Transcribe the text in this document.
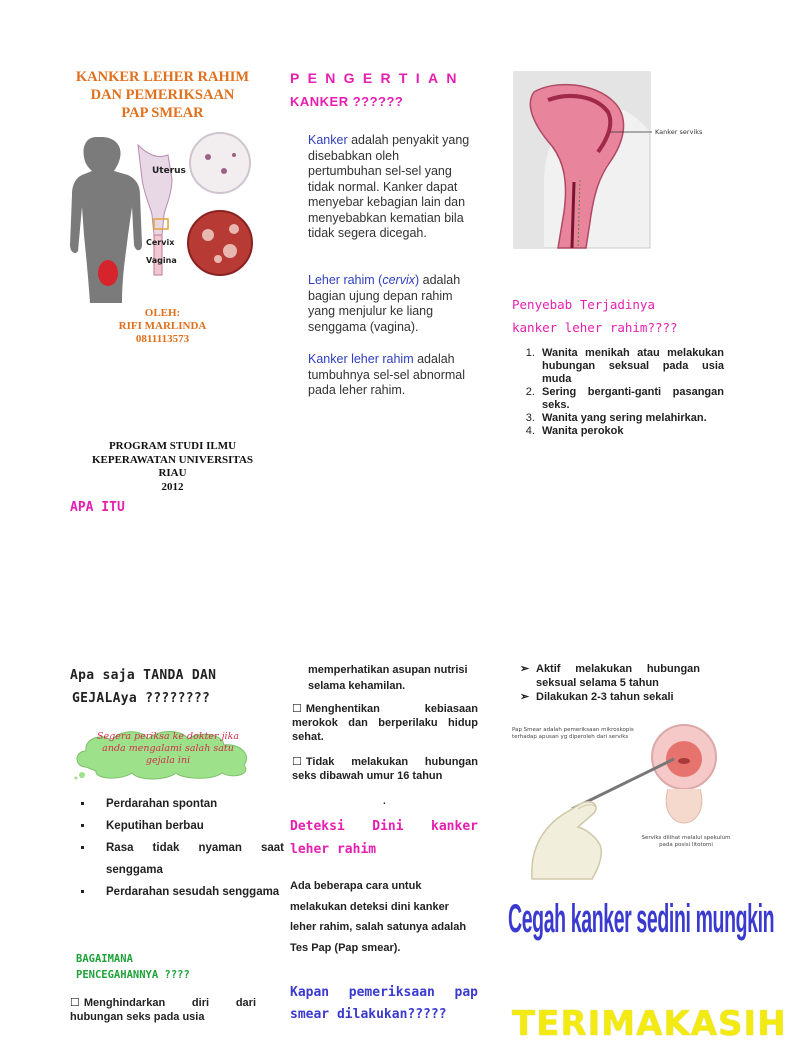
KANKER LEHER RAHIM
DAN PEMERIKSAAN
PAP SMEAR
Uterus
Cervix
Vagina
OLEH:
RIFI MARLINDA
0811113573
PROGRAM STUDI ILMU
KEPERAWATAN UNIVERSITAS
RIAU
2012
APA ITU
PENGERTIAN
KANKER ??????
Kanker adalah penyakit yang disebabkan oleh pertumbuhan sel-sel yang tidak normal. Kanker dapat menyebar kebagian lain dan menyebabkan kematian bila tidak segera dicegah.
Leher rahim (cervix) adalah bagian ujung depan rahim yang menjulur ke liang senggama (vagina).
Kanker leher rahim adalah tumbuhnya sel-sel abnormal pada leher rahim.
Kanker serviks
Penyebab Terjadinya
kanker leher rahim????
1. Wanita menikah atau melakukan hubungan seksual pada usia muda
2. Sering berganti-ganti pasangan seks.
3. Wanita yang sering melahirkan.
4. Wanita perokok
Apa saja TANDA DAN
GEJALAya ????????
Segera periksa ke dokter jika anda mengalami salah satu gejala ini
▪ Perdarahan spontan
▪ Keputihan berbau
▪ Rasa tidak nyaman saat senggama
▪ Perdarahan sesudah senggama
BAGAIMANA
PENCEGAHANNYA ????
☐ Menghindarkan diri dari hubungan seks pada usia
memperhatikan asupan nutrisi selama kehamilan.
☐ Menghentikan kebiasaan merokok dan berperilaku hidup sehat.
☐ Tidak melakukan hubungan seks dibawah umur 16 tahun
.
Deteksi Dini kanker
leher rahim
Ada beberapa cara untuk melakukan deteksi dini kanker leher rahim, salah satunya adalah Tes Pap (Pap smear).
Kapan pemeriksaan pap
smear dilakukan?????
➢ Aktif melakukan hubungan seksual selama 5 tahun
➢ Dilakukan 2-3 tahun sekali
Pap Smear adalah pemeriksaan mikroskopis terhadap apusan yg diperoleh dari serviks
Serviks dilihat melalui spekulum pada posisi litotomi
Cegah kanker sedini mungkin
TERIMAKASIH
